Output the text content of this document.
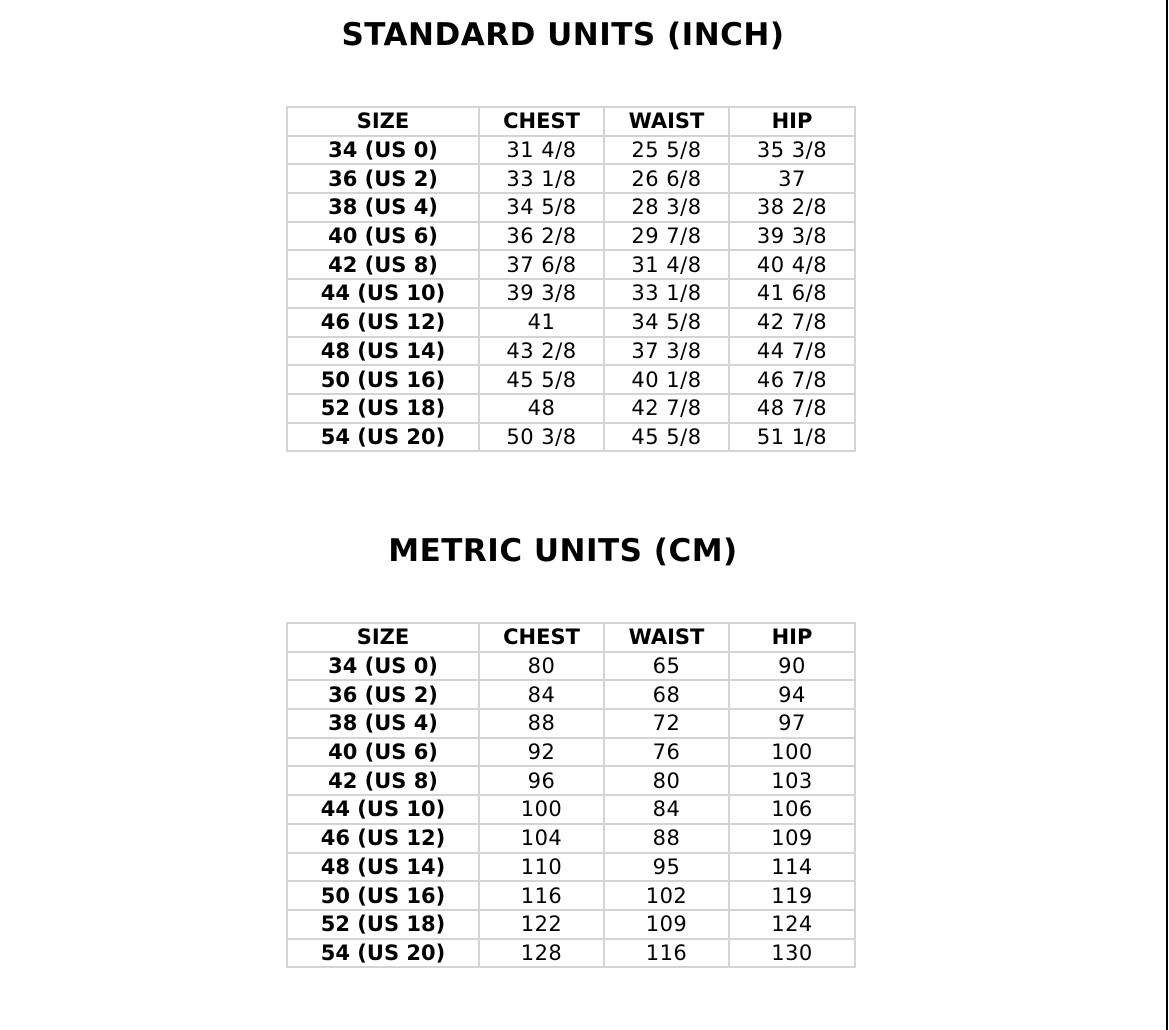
STANDARD UNITS (INCH)
SIZE	CHEST	WAIST	HIP
34 (US 0)	31 4/8	25 5/8	35 3/8
36 (US 2)	33 1/8	26 6/8	37
38 (US 4)	34 5/8	28 3/8	38 2/8
40 (US 6)	36 2/8	29 7/8	39 3/8
42 (US 8)	37 6/8	31 4/8	40 4/8
44 (US 10)	39 3/8	33 1/8	41 6/8
46 (US 12)	41	34 5/8	42 7/8
48 (US 14)	43 2/8	37 3/8	44 7/8
50 (US 16)	45 5/8	40 1/8	46 7/8
52 (US 18)	48	42 7/8	48 7/8
54 (US 20)	50 3/8	45 5/8	51 1/8
METRIC UNITS (CM)
SIZE	CHEST	WAIST	HIP
34 (US 0)	80	65	90
36 (US 2)	84	68	94
38 (US 4)	88	72	97
40 (US 6)	92	76	100
42 (US 8)	96	80	103
44 (US 10)	100	84	106
46 (US 12)	104	88	109
48 (US 14)	110	95	114
50 (US 16)	116	102	119
52 (US 18)	122	109	124
54 (US 20)	128	116	130
